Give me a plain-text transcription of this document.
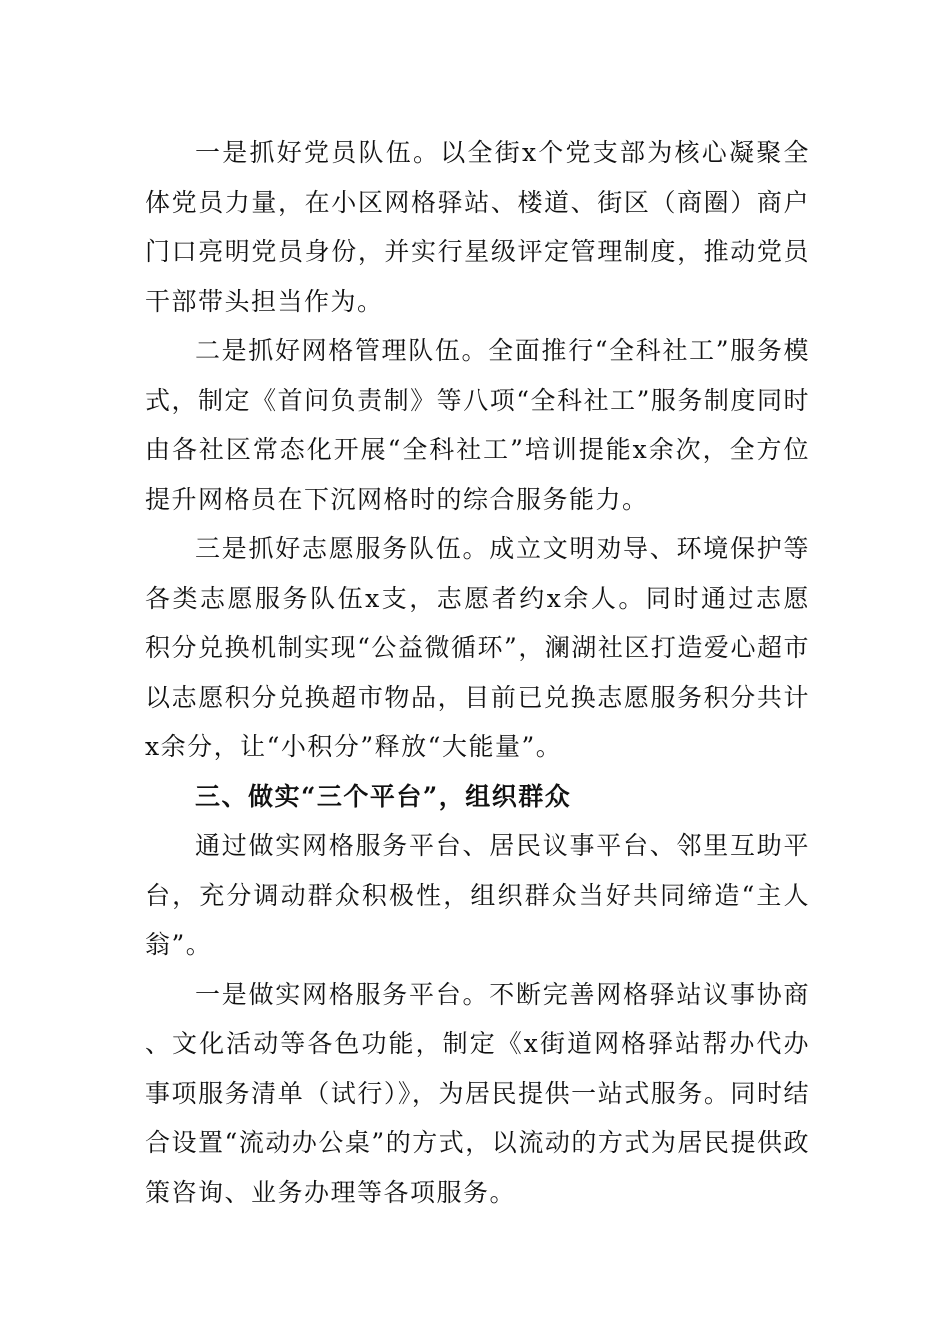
一是抓好党员队伍。以全街x个党支部为核心凝聚全体党员力量，在小区网格驿站、楼道、街区（商圈）商户门口亮明党员身份，并实行星级评定管理制度，推动党员干部带头担当作为。

二是抓好网格管理队伍。全面推行“全科社工”服务模式，制定《首问负责制》等八项“全科社工”服务制度同时由各社区常态化开展“全科社工”培训提能x余次，全方位提升网格员在下沉网格时的综合服务能力。

三是抓好志愿服务队伍。成立文明劝导、环境保护等各类志愿服务队伍x支，志愿者约x余人。同时通过志愿积分兑换机制实现“公益微循环”，澜湖社区打造爱心超市以志愿积分兑换超市物品，目前已兑换志愿服务积分共计x余分，让“小积分”释放“大能量”。

三、做实“三个平台”，组织群众

通过做实网格服务平台、居民议事平台、邻里互助平台，充分调动群众积极性，组织群众当好共同缔造“主人翁”。

一是做实网格服务平台。不断完善网格驿站议事协商、文化活动等各色功能，制定《x街道网格驿站帮办代办事项服务清单（试行）》，为居民提供一站式服务。同时结合设置“流动办公桌”的方式，以流动的方式为居民提供政策咨询、业务办理等各项服务。
